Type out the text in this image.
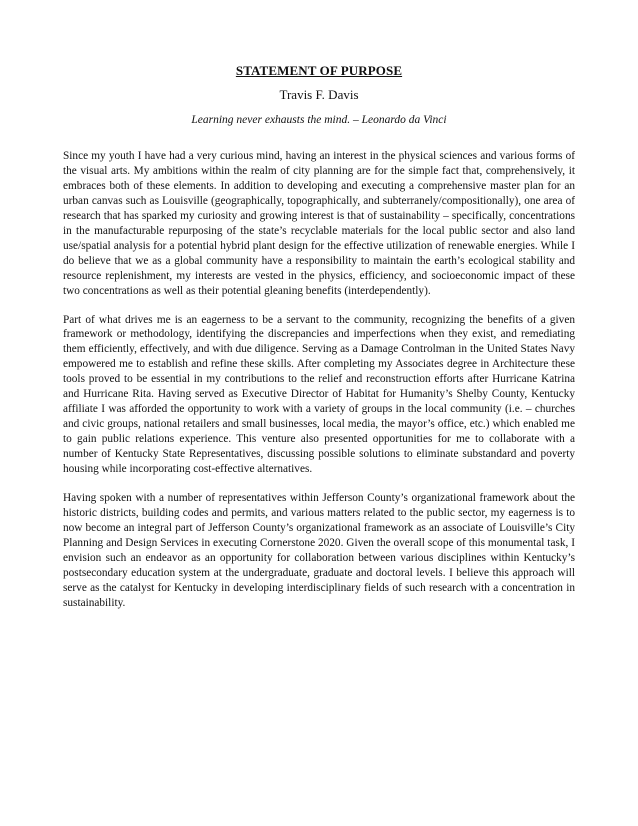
STATEMENT OF PURPOSE
Travis F. Davis
Learning never exhausts the mind. – Leonardo da Vinci

Since my youth I have had a very curious mind, having an interest in the physical sciences and various forms of the visual arts. My ambitions within the realm of city planning are for the simple fact that, comprehensively, it embraces both of these elements. In addition to developing and executing a comprehensive master plan for an urban canvas such as Louisville (geographically, topographically, and subterranely/compositionally), one area of research that has sparked my curiosity and growing interest is that of sustainability – specifically, concentrations in the manufacturable repurposing of the state’s recyclable materials for the local public sector and also land use/spatial analysis for a potential hybrid plant design for the effective utilization of renewable energies. While I do believe that we as a global community have a responsibility to maintain the earth’s ecological stability and resource replenishment, my interests are vested in the physics, efficiency, and socioeconomic impact of these two concentrations as well as their potential gleaning benefits (interdependently).

Part of what drives me is an eagerness to be a servant to the community, recognizing the benefits of a given framework or methodology, identifying the discrepancies and imperfections when they exist, and remediating them efficiently, effectively, and with due diligence. Serving as a Damage Controlman in the United States Navy empowered me to establish and refine these skills. After completing my Associates degree in Architecture these tools proved to be essential in my contributions to the relief and reconstruction efforts after Hurricane Katrina and Hurricane Rita. Having served as Executive Director of Habitat for Humanity’s Shelby County, Kentucky affiliate I was afforded the opportunity to work with a variety of groups in the local community (i.e. – churches and civic groups, national retailers and small businesses, local media, the mayor’s office, etc.) which enabled me to gain public relations experience. This venture also presented opportunities for me to collaborate with a number of Kentucky State Representatives, discussing possible solutions to eliminate substandard and poverty housing while incorporating cost-effective alternatives.

Having spoken with a number of representatives within Jefferson County’s organizational framework about the historic districts, building codes and permits, and various matters related to the public sector, my eagerness is to now become an integral part of Jefferson County’s organizational framework as an associate of Louisville’s City Planning and Design Services in executing Cornerstone 2020. Given the overall scope of this monumental task, I envision such an endeavor as an opportunity for collaboration between various disciplines within Kentucky’s postsecondary education system at the undergraduate, graduate and doctoral levels. I believe this approach will serve as the catalyst for Kentucky in developing interdisciplinary fields of such research with a concentration in sustainability.
